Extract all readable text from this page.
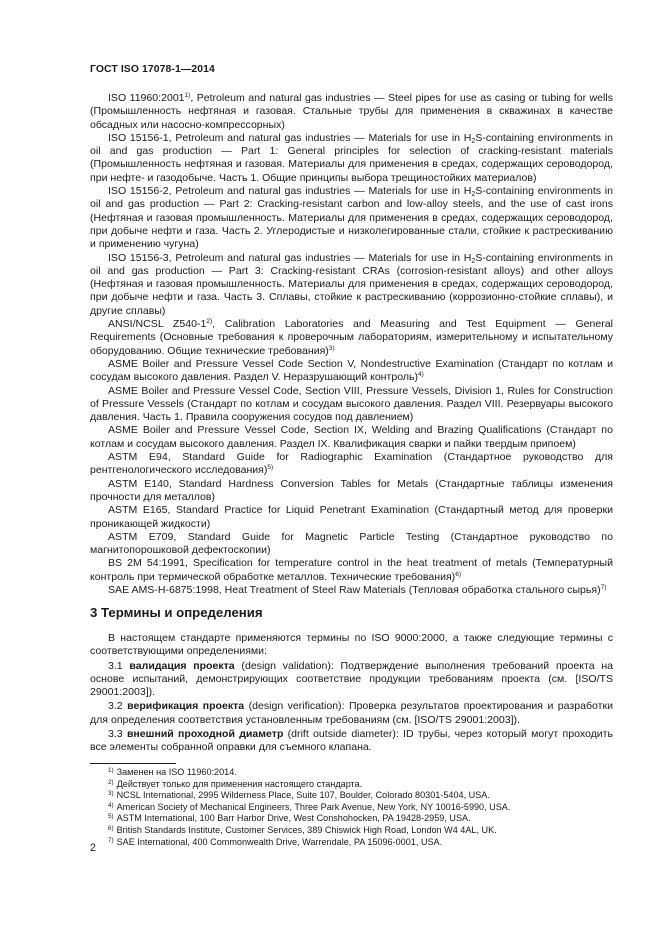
ГОСТ ISO 17078-1—2014

ISO 11960:2001$^{1)}$, Petroleum and natural gas industries — Steel pipes for use as casing or tubing for wells (Промышленность нефтяная и газовая. Стальные трубы для применения в скважинах в качестве обсадных или насосно-компрессорных)

ISO 15156-1, Petroleum and natural gas industries — Materials for use in $H_2S$-containing environments in oil and gas production — Part 1: General principles for selection of cracking-resistant materials (Промышленность нефтяная и газовая. Материалы для применения в средах, содержащих сероводород, при нефте- и газодобыче. Часть 1. Общие принципы выбора трещиностойких материалов)

ISO 15156-2, Petroleum and natural gas industries — Materials for use in $H_2S$-containing environments in oil and gas production — Part 2: Cracking-resistant carbon and low-alloy steels, and the use of cast irons (Нефтяная и газовая промышленность. Материалы для применения в средах, содержащих сероводород, при добыче нефти и газа. Часть 2. Углеродистые и низколегированные стали, стойкие к растрескиванию и применению чугуна)

ISO 15156-3, Petroleum and natural gas industries — Materials for use in $H_2S$-containing environments in oil and gas production — Part 3: Cracking-resistant CRAs (corrosion-resistant alloys) and other alloys (Нефтяная и газовая промышленность. Материалы для применения в средах, содержащих сероводород, при добыче нефти и газа. Часть 3. Сплавы, стойкие к растрескиванию (коррозионно-стойкие сплавы), и другие сплавы)

ANSI/NCSL Z540-1$^{2)}$, Calibration Laboratories and Measuring and Test Equipment — General Requirements (Основные требования к проверочным лабораториям, измерительному и испытательному оборудованию. Общие технические требования)$^{3)}$

ASME Boiler and Pressure Vessel Code Section V, Nondestructive Examination (Стандарт по котлам и сосудам высокого давления. Раздел V. Неразрушающий контроль)$^{4)}$

ASME Boiler and Pressure Vessel Code, Section VIII, Pressure Vessels, Division 1, Rules for Construction of Pressure Vessels (Стандарт по котлам и сосудам высокого давления. Раздел VIII. Резервуары высокого давления. Часть 1. Правила сооружения сосудов под давлением)

ASME Boiler and Pressure Vessel Code, Section IX, Welding and Brazing Qualifications (Стандарт по котлам и сосудам высокого давления. Раздел IX. Квалификация сварки и пайки твердым припоем)

ASTM E94, Standard Guide for Radiographic Examination (Стандартное руководство для рентгенологического исследования)$^{5)}$

ASTM E140, Standard Hardness Conversion Tables for Metals (Стандартные таблицы изменения прочности для металлов)

ASTM E165, Standard Practice for Liquid Penetrant Examination (Стандартный метод для проверки проникающей жидкости)

ASTM E709, Standard Guide for Magnetic Particle Testing (Стандартное руководство по магнитопорошковой дефектоскопии)

BS 2M 54:1991, Specification for temperature control in the heat treatment of metals (Температурный контроль при термической обработке металлов. Технические требования)$^{6)}$

SAE AMS-H-6875:1998, Heat Treatment of Steel Raw Materials (Тепловая обработка стального сырья)$^{7)}$

3 Термины и определения

В настоящем стандарте применяются термины по ISO 9000:2000, а также следующие термины с соответствующими определениями:

3.1 валидация проекта (design validation): Подтверждение выполнения требований проекта на основе испытаний, демонстрирующих соответствие продукции требованиям проекта (см. [ISO/TS 29001:2003]).

3.2 верификация проекта (design verification): Проверка результатов проектирования и разработки для определения соответствия установленным требованиям (см. [ISO/TS 29001:2003]).

3.3 внешний проходной диаметр (drift outside diameter): ID трубы, через который могут проходить все элементы собранной оправки для съемного клапана.

$^{1)}$ Заменен на ISO 11960:2014.

$^{2)}$ Действует только для применения настоящего стандарта.

$^{3)}$ NCSL International, 2995 Wilderness Place, Suite 107, Boulder, Colorado 80301-5404, USA.

$^{4)}$ American Society of Mechanical Engineers, Three Park Avenue, New York, NY 10016-5990, USA.

$^{5)}$ ASTM International, 100 Barr Harbor Drive, West Conshohocken, PA 19428-2959, USA.

$^{6)}$ British Standards Institute, Customer Services, 389 Chiswick High Road, London W4 4AL, UK.

$^{7)}$ SAE International, 400 Commonwealth Drive, Warrendale, PA 15096-0001, USA.

2
